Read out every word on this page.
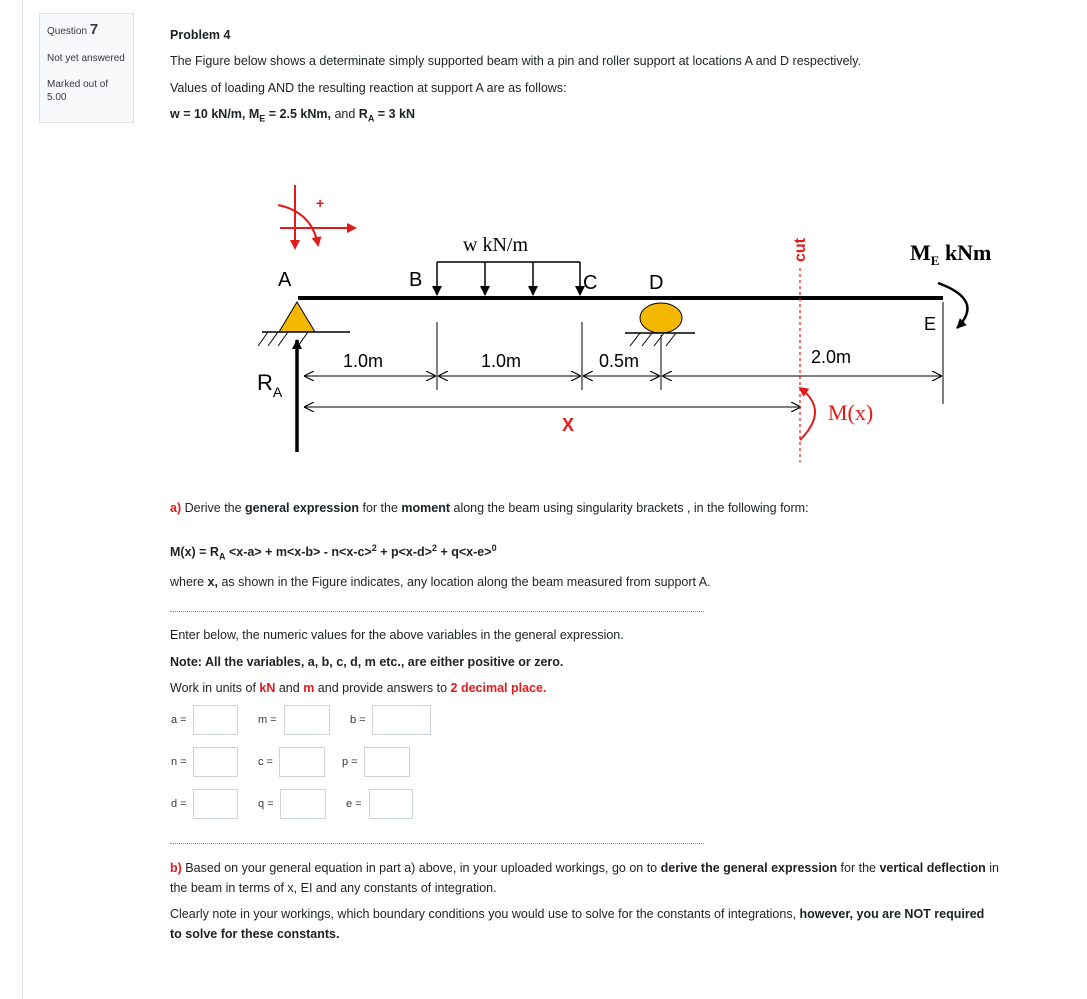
Question 7
Not yet answered
Marked out of 5.00
Problem 4
The Figure below shows a determinate simply supported beam with a pin and roller support at locations A and D respectively.
Values of loading AND the resulting reaction at support A are as follows:
w = 10 kN/m, $M_E = 2.5$ kNm, and $R_A = 3$ kN
+
A	B	C	D
E
w kN/m
$R_A$
1.0m	1.0m	0.5m	2.0m
X
cut
M(x)
$M_E$ kNm
a) Derive the general expression for the moment along the beam using singularity brackets , in the following form:
$M(x) = R_A <x-a> + m<x-b> - n<x-c>^2 + p<x-d>^2 + q<x-e>^0$
where x, as shown in the Figure indicates, any location along the beam measured from support A.
Enter below, the numeric values for the above variables in the general expression.
Note: All the variables, a, b, c, d, m etc., are either positive or zero.
Work in units of kN and m and provide answers to 2 decimal place.
a =	m =	b =
n =	c =	p =
d =	q =	e =
b) Based on your general equation in part a) above, in your uploaded workings, go on to derive the general expression for the vertical deflection in
the beam in terms of x, EI and any constants of integration.
Clearly note in your workings, which boundary conditions you would use to solve for the constants of integrations, however, you are NOT required
to solve for these constants.
